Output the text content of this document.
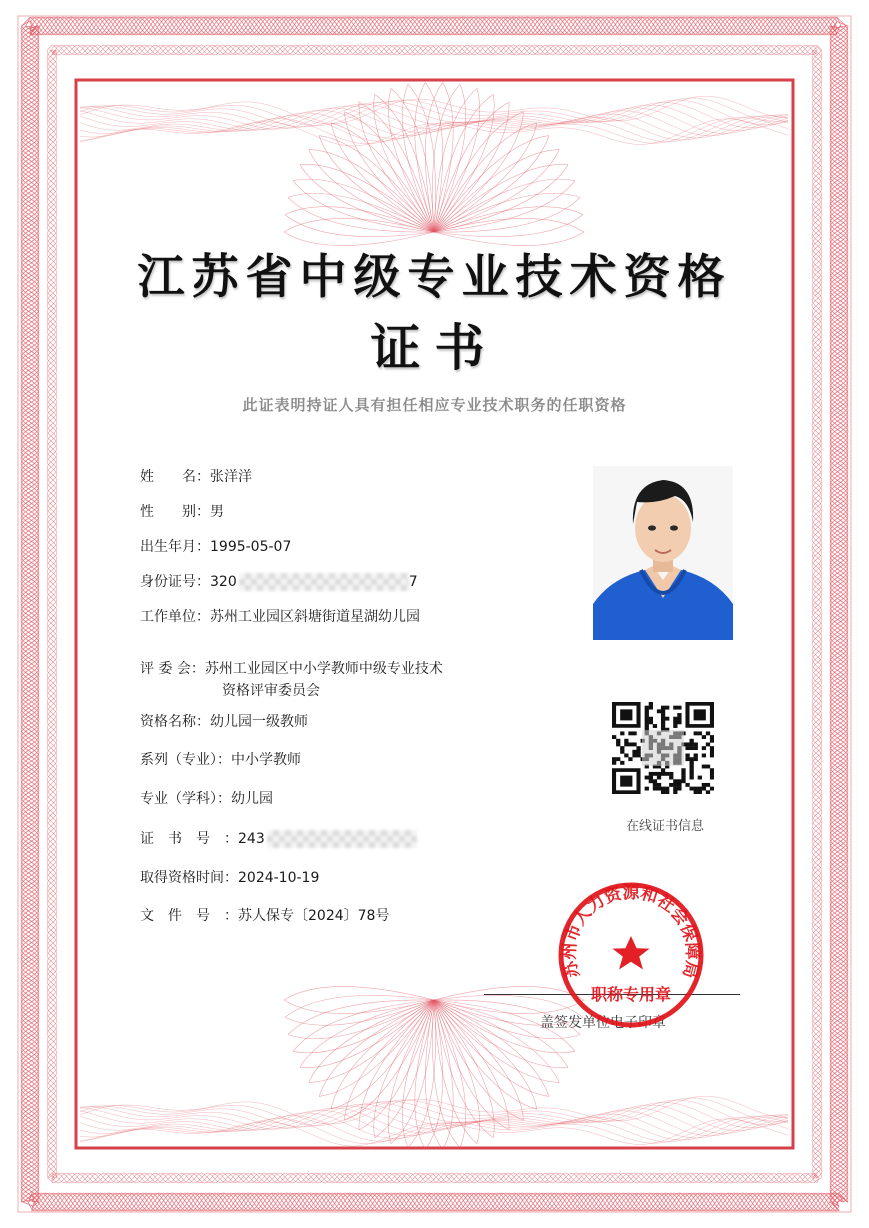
江苏省中级专业技术资格
证书
此证表明持证人具有担任相应专业技术职务的任职资格
姓　　名：张洋洋
性　　别：男
出生年月：1995-05-07
身份证号：320	7
工作单位：苏州工业园区斜塘街道星湖幼儿园
评 委 会：苏州工业园区中小学教师中级专业技术
资格评审委员会
资格名称：幼儿园一级教师
系列（专业）：中小学教师
专业（学科）：幼儿园
证　书　号　：243
取得资格时间：2024-10-19
文　件　号　：苏人保专〔2024〕78号
在线证书信息
盖签发单位电子印章
苏州市人力资源和社会保障局
职称专用章
